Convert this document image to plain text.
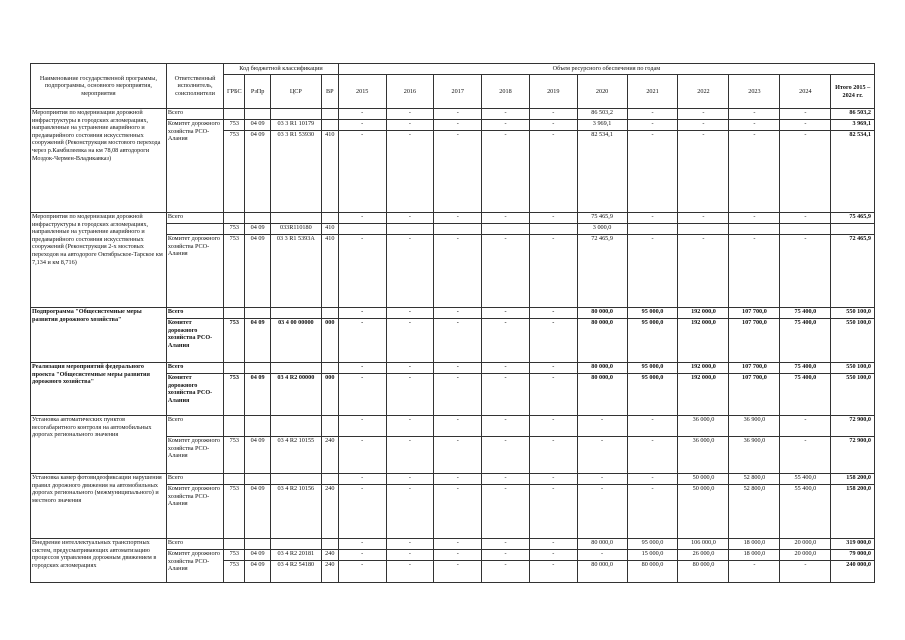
Наименование государственной программы, подпрограммы, основного мероприятия, мероприятия	Ответственный исполнитель, соисполнители	Код бюджетной классификации				Объем ресурсного обеспечения по годам										
		ГРБС	РзПр	ЦСР	ВР	2015	2016	2017	2018	2019	2020	2021	2022	2023	2024	Итого 2015 – 2024 гг.
Мероприятия по модернизации дорожной инфраструктуры в городских агломерациях, направленные на устранение аварийного и предаварийного состояния искусственных сооружений (Реконструкция мостового перехода через р.Камбилеевка на км 78,08 автодороги Моздок-Чермен-Владикавказ)	Всего					-	-	-	-	-	86 503,2	-	-	-	-	86 503,2
	Комитет дорожного хозяйства РСО-Алания	753	04 09	03 3 R1 10179		-	-	-	-	-	3 969,1	-	-	-	-	3 969,1
		753	04 09	03 3 R1 53930	410	-	-	-	-	-	82 534,1	-	-	-	-	82 534,1
Мероприятия по модернизации дорожной инфраструктуры в городских агломерациях, направленные на устранение аварийного и предаварийного состояния искусственных сооружений (Реконструкция 2-х мостовых переходов на автодороге Октябрьское-Тарское км 7,134 и км 8,716)	Всего					-	-	-	-	-	75 465,9	-	-	-	-	75 465,9
		753	04 09	033R110180	410						3 000,0					
	Комитет дорожного хозяйства РСО-Алания	753	04 09	03 3 R1 5393А	410	-	-	-	-	-	72 465,9	-	-	-	-	72 465,9
Подпрограмма "Общесистемные меры развития дорожного хозяйства"	Всего					-	-	-	-	-	80 000,0	95 000,0	192 000,0	107 700,0	75 400,0	550 100,0
	Комитет дорожного хозяйства РСО-Алания	753	04 09	03 4 00 00000	000	-	-	-	-	-	80 000,0	95 000,0	192 000,0	107 700,0	75 400,0	550 100,0
Реализация мероприятий федерального проекта "Общесистемные меры развития дорожного хозяйства"	Всего					-	-	-	-	-	80 000,0	95 000,0	192 000,0	107 700,0	75 400,0	550 100,0
	Комитет дорожного хозяйства РСО-Алания	753	04 09	03 4 R2 00000	000	-	-	-	-	-	80 000,0	95 000,0	192 000,0	107 700,0	75 400,0	550 100,0
Установка автоматических пунктов весогабаритного контроля на автомобильных дорогах регионального значения	Всего					-	-	-	-	-	-	-	36 000,0	36 900,0	-	72 900,0
	Комитет дорожного хозяйства РСО-Алания	753	04 09	03 4 R2 10155	240	-	-	-	-	-	-	-	36 000,0	36 900,0	-	72 900,0
Установка камер фотовидеофиксации нарушения правил дорожного движения на автомобильных дорогах регионального (межмуниципального) и местного значения	Всего					-	-	-	-	-	-	-	50 000,0	52 800,0	55 400,0	158 200,0
	Комитет дорожного хозяйства РСО-Алания	753	04 09	03 4 R2 10156	240	-	-	-	-	-	-	-	50 000,0	52 800,0	55 400,0	158 200,0
Внедрение интеллектуальных транспортных систем, предусматривающих автоматизацию процессов управления дорожным движением в городских агломерациях	Всего					-	-	-	-	-	80 000,0	95 000,0	106 000,0	18 000,0	20 000,0	319 000,0
	Комитет дорожного хозяйства РСО-Алания	753	04 09	03 4 R2 20181	240	-	-	-	-	-	-	15 000,0	26 000,0	18 000,0	20 000,0	79 000,0
		753	04 09	03 4 R2 54180	240	-	-	-	-	-	80 000,0	80 000,0	80 000,0	-	-	240 000,0
